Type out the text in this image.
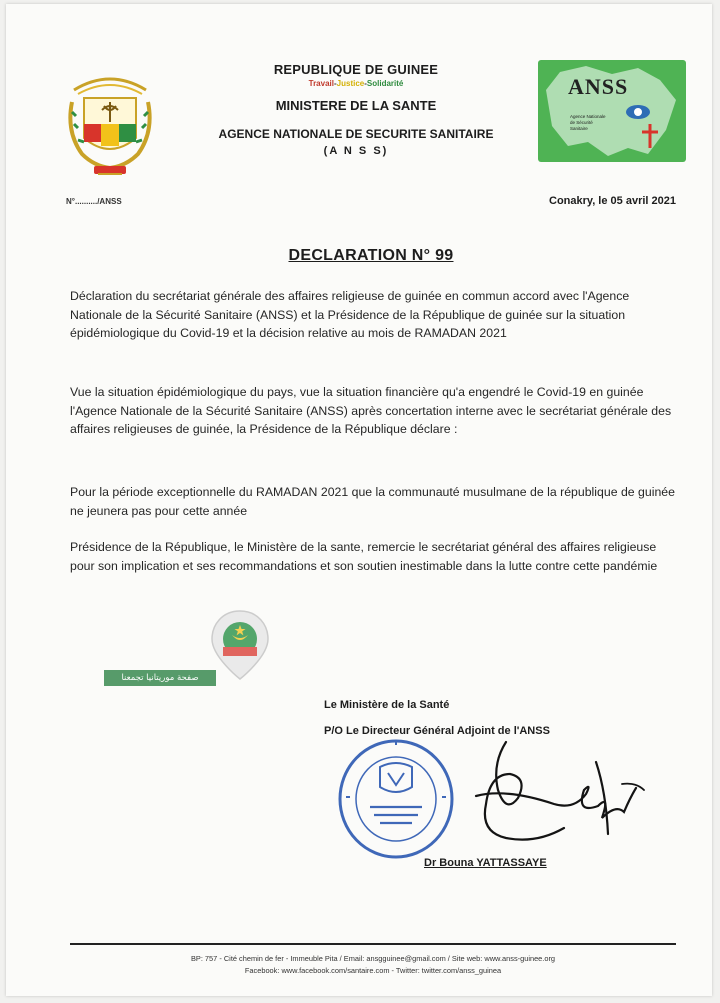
REPUBLIQUE DE GUINEE
Travail-Justice-Solidarité
MINISTERE DE LA SANTE
AGENCE NATIONALE DE SECURITE SANITAIRE
(A N S S)
ANSS
Agence Nationale de Sécurité Sanitaire
N°........../ANSS	Conakry, le 05 avril 2021
DECLARATION N° 99
Déclaration du secrétariat générale des affaires religieuse de guinée en commun accord avec l'Agence Nationale de la Sécurité Sanitaire (ANSS) et la Présidence de la République de guinée sur la situation épidémiologique du Covid-19 et la décision relative au mois de RAMADAN 2021
Vue la situation épidémiologique du pays, vue la situation financière qu'a engendré le Covid-19 en guinée l'Agence Nationale de la Sécurité Sanitaire (ANSS) après concertation interne avec le secrétariat générale des affaires religieuses de guinée, la Présidence de la République déclare :
Pour la période exceptionnelle du RAMADAN 2021 que la communauté musulmane de la république de guinée ne jeunera pas pour cette année
Présidence de la République, le Ministère de la sante, remercie le secrétariat général des affaires religieuse pour son implication et ses recommandations et son soutien inestimable dans la lutte contre cette pandémie
صفحة موريتانيا تجمعنا
Le Ministère de la Santé
P/O Le Directeur Général Adjoint de l'ANSS
Dr Bouna YATTASSAYE
BP: 757 - Cité chemin de fer - Immeuble Pita / Email: ansgguinee@gmail.com / Site web: www.anss-guinee.org
Facebook: www.facebook.com/santaire.com - Twitter: twitter.com/anss_guinea
